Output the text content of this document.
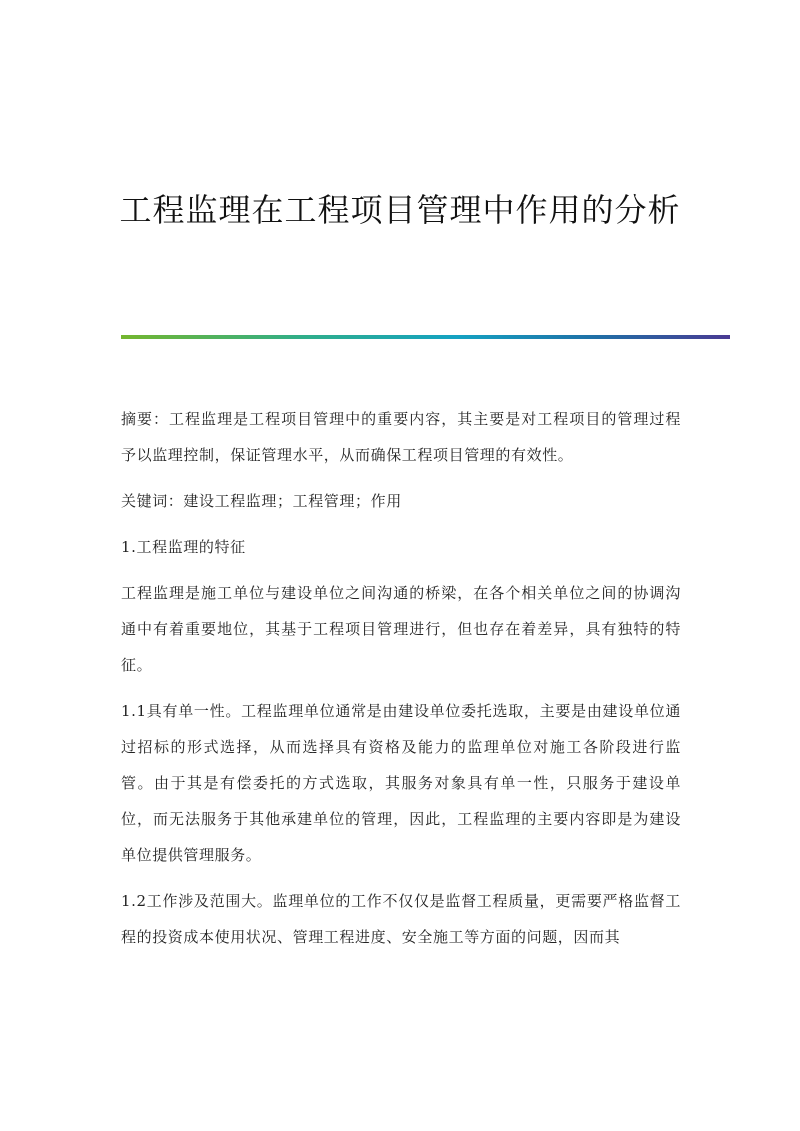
工程监理在工程项目管理中作用的分析

摘要：工程监理是工程项目管理中的重要内容，其主要是对工程项目的管理过程予以监理控制，保证管理水平，从而确保工程项目管理的有效性。

关键词：建设工程监理；工程管理；作用

1.工程监理的特征

工程监理是施工单位与建设单位之间沟通的桥梁，在各个相关单位之间的协调沟通中有着重要地位，其基于工程项目管理进行，但也存在着差异，具有独特的特征。

1.1具有单一性。工程监理单位通常是由建设单位委托选取，主要是由建设单位通过招标的形式选择，从而选择具有资格及能力的监理单位对施工各阶段进行监管。由于其是有偿委托的方式选取，其服务对象具有单一性，只服务于建设单位，而无法服务于其他承建单位的管理，因此，工程监理的主要内容即是为建设单位提供管理服务。

1.2工作涉及范围大。监理单位的工作不仅仅是监督工程质量，更需要严格监督工程的投资成本使用状况、管理工程进度、安全施工等方面的问题，因而其
